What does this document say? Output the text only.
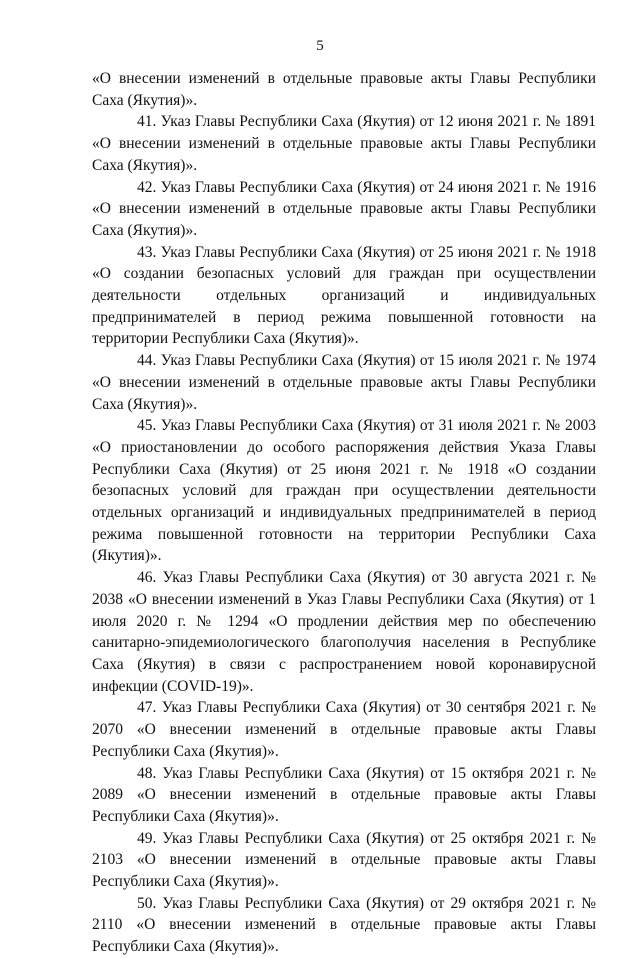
5

«О внесении изменений в отдельные правовые акты Главы Республики Саха (Якутия)».

41. Указ Главы Республики Саха (Якутия) от 12 июня 2021 г. № 1891 «О внесении изменений в отдельные правовые акты Главы Республики Саха (Якутия)».

42. Указ Главы Республики Саха (Якутия) от 24 июня 2021 г. № 1916 «О внесении изменений в отдельные правовые акты Главы Республики Саха (Якутия)».

43. Указ Главы Республики Саха (Якутия) от 25 июня 2021 г. № 1918 «О создании безопасных условий для граждан при осуществлении деятельности отдельных организаций и индивидуальных предпринимателей в период режима повышенной готовности на территории Республики Саха (Якутия)».

44. Указ Главы Республики Саха (Якутия) от 15 июля 2021 г. № 1974 «О внесении изменений в отдельные правовые акты Главы Республики Саха (Якутия)».

45. Указ Главы Республики Саха (Якутия) от 31 июля 2021 г. № 2003 «О приостановлении до особого распоряжения действия Указа Главы Республики Саха (Якутия) от 25 июня 2021 г. № 1918 «О создании безопасных условий для граждан при осуществлении деятельности отдельных организаций и индивидуальных предпринимателей в период режима повышенной готовности на территории Республики Саха (Якутия)».

46. Указ Главы Республики Саха (Якутия) от 30 августа 2021 г. № 2038 «О внесении изменений в Указ Главы Республики Саха (Якутия) от 1 июля 2020 г. № 1294 «О продлении действия мер по обеспечению санитарно-эпидемиологического благополучия населения в Республике Саха (Якутия) в связи с распространением новой коронавирусной инфекции (COVID-19)».

47. Указ Главы Республики Саха (Якутия) от 30 сентября 2021 г. № 2070 «О внесении изменений в отдельные правовые акты Главы Республики Саха (Якутия)».

48. Указ Главы Республики Саха (Якутия) от 15 октября 2021 г. № 2089 «О внесении изменений в отдельные правовые акты Главы Республики Саха (Якутия)».

49. Указ Главы Республики Саха (Якутия) от 25 октября 2021 г. № 2103 «О внесении изменений в отдельные правовые акты Главы Республики Саха (Якутия)».

50. Указ Главы Республики Саха (Якутия) от 29 октября 2021 г. № 2110 «О внесении изменений в отдельные правовые акты Главы Республики Саха (Якутия)».
